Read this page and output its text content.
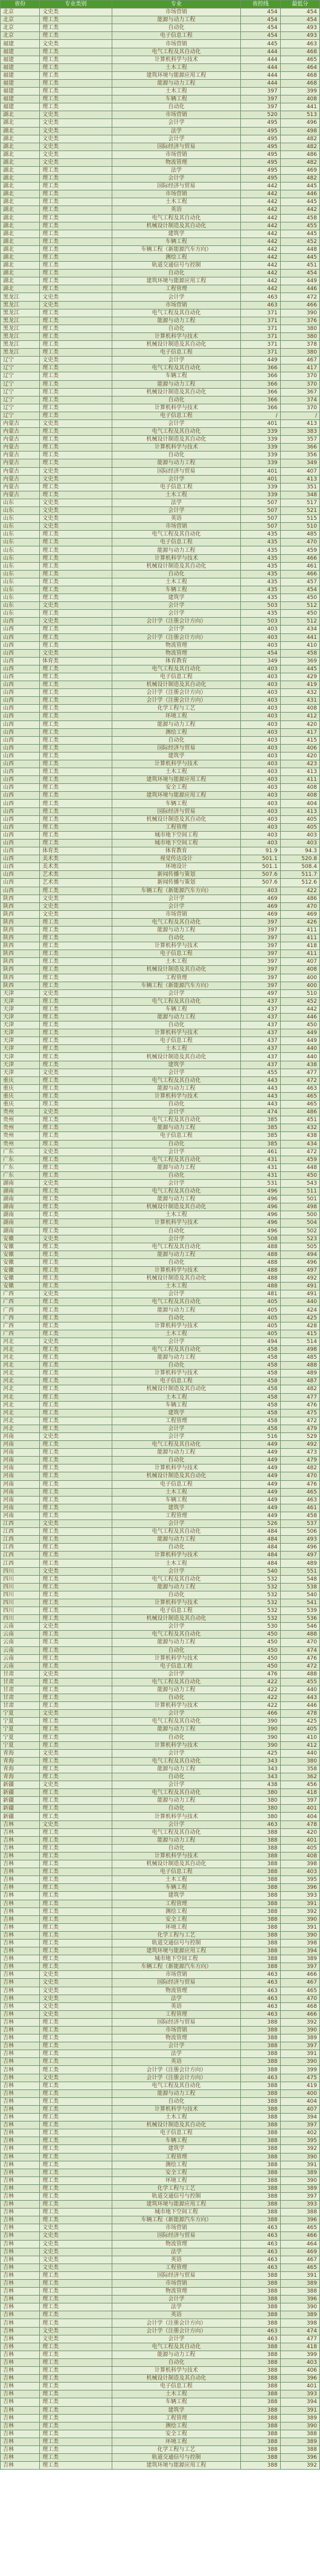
省份	专业类别	专业	省控线	最低分
北京	文史类	市场营销	454	454
北京	理工类	能源与动力工程	454	454
北京	理工类	自动化	454	493
北京	理工类	电子信息工程	454	493
福建	文史类	市场营销	445	463
福建	理工类	电气工程及其自动化	444	468
福建	理工类	计算机科学与技术	444	465
福建	理工类	土木工程	444	464
福建	理工类	建筑环境与能源应用工程	444	468
福建	理工类	能源与动力工程	444	468
福建	理工类	土木工程	397	399
福建	理工类	车辆工程	397	408
福建	理工类	自动化	397	441
湖北	文史类	市场营销	520	513
湖北	文史类	会计学	495	496
湖北	文史类	法学	495	498
湖北	文史类	会计学	495	482
湖北	文史类	国际经济与贸易	495	482
湖北	文史类	市场营销	495	486
湖北	文史类	物流管理	495	482
湖北	理工类	法学	495	469
湖北	理工类	会计学	495	482
湖北	理工类	国际经济与贸易	442	445
湖北	理工类	市场营销	442	446
湖北	理工类	土木工程	442	445
湖北	理工类	英语	442	442
湖北	理工类	电气工程及其自动化	442	458
湖北	理工类	机械设计制造及其自动化	442	455
湖北	理工类	建筑学	442	445
湖北	理工类	车辆工程	442	452
湖北	理工类	车辆工程（新能源汽车方向）	442	448
湖北	理工类	测绘工程	442	445
湖北	理工类	轨道交通信号与控制	442	451
湖北	理工类	自动化	442	454
湖北	理工类	建筑环境与能源应用工程	442	449
湖北	理工类	工程管理	442	446
黑龙江	文史类	会计学	463	472
黑龙江	文史类	市场营销	463	466
黑龙江	理工类	电气工程及其自动化	371	390
黑龙江	理工类	能源与动力工程	371	376
黑龙江	理工类	自动化	371	380
黑龙江	理工类	计算机科学与技术	371	380
黑龙江	理工类	机械设计制造及其自动化	371	378
黑龙江	理工类	电子信息工程	371	380
辽宁	文史类	会计学	449	467
辽宁	理工类	电气工程及其自动化	366	417
辽宁	理工类	车辆工程	366	370
辽宁	理工类	能源与动力工程	366	370
辽宁	理工类	机械设计制造及其自动化	366	367
辽宁	理工类	自动化	366	374
辽宁	理工类	计算机科学与技术	366	370
辽宁	理工类	电子信息工程	/	/
内蒙古	文史类	会计学	401	413
内蒙古	理工类	电气工程及其自动化	339	383
内蒙古	理工类	机械设计制造及其自动化	339	357
内蒙古	理工类	计算机科学与技术	339	366
内蒙古	理工类	自动化	339	356
内蒙古	理工类	能源与动力工程	339	349
内蒙古	文史类	国际经济与贸易	401	407
内蒙古	文史类	会计学	401	413
内蒙古	理工类	电子信息工程	339	351
内蒙古	理工类	土木工程	339	348
山东	文史类	法学	507	517
山东	文史类	会计学	507	521
山东	文史类	英语	507	515
山东	文史类	市场营销	507	510
山东	理工类	电气工程及其自动化	435	485
山东	理工类	电子信息工程	435	470
山东	理工类	能源与动力工程	435	459
山东	理工类	计算机科学与技术	435	466
山东	理工类	机械设计制造及其自动化	435	461
山东	理工类	自动化	435	466
山东	理工类	土木工程	435	457
山东	理工类	车辆工程	435	454
山东	理工类	建筑学	435	450
山东	文史类	会计学	503	512
山东	理工类	会计学	435	450
山西	文史类	会计学（注册会计方向）	503	512
山西	理工类	会计学	403	434
山西	理工类	会计学（注册会计方向）	403	441
山西	理工类	物流管理	403	410
山西	文史类	物流管理	454	458
山西	体育类	体育教育	349	369
山西	理工类	电气工程及其自动化	403	445
山西	理工类	电子信息工程	403	429
山西	理工类	机械设计制造及其自动化	403	419
山西	理工类	会计学（注册会计方向）	403	432
山西	理工类	会计学（注册会计方向）	403	431
山西	理工类	化学工程与工艺	403	408
山西	理工类	环境工程	403	412
山西	理工类	能源与动力工程	403	420
山西	理工类	测绘工程	403	417
山西	理工类	自动化	403	415
山西	理工类	国际经济与贸易	403	406
山西	理工类	建筑学	403	420
山西	理工类	计算机科学与技术	403	423
山西	理工类	土木工程	403	413
山西	理工类	建筑环境与能源应用工程	403	411
山西	理工类	安全工程	403	408
山西	理工类	建筑环境与能源应用工程	403	408
山西	理工类	车辆工程	403	404
山西	理工类	国际经济与贸易	403	413
山西	理工类	机械设计制造及其自动化	403	405
山西	理工类	工程管理	403	405
山西	理工类	城市地下空间工程	403	403
山西	理工类	城市地下空间工程	403	403
山西	体育类	体育教育	91.9	94.3
山西	美术类	视觉传达设计	501.1	520.8
山西	美术类	环境设计	501.1	508.4
山西	艺术类	新闻传播与策划	507.6	511.7
山西	艺术类	新闻传播与策划	507.6	512.6
山西	理工类	车辆工程（新能源汽车方向）	403	422
陕西	文史类	会计学	469	486
陕西	文史类	会计学	469	470
陕西	文史类	市场营销	469	469
陕西	理工类	电气工程及其自动化	397	426
陕西	理工类	能源与动力工程	397	411
陕西	理工类	自动化	397	411
陕西	理工类	计算机科学与技术	397	418
陕西	理工类	电子信息工程	397	411
陕西	理工类	土木工程	397	407
陕西	理工类	机械设计制造及其自动化	397	408
陕西	理工类	工程管理	397	400
陕西	理工类	车辆工程（新能源汽车方向）	397	400
天津	文史类	会计学	497	510
天津	理工类	电气工程及其自动化	437	452
天津	理工类	车辆工程	437	442
天津	理工类	能源与动力工程	437	446
天津	理工类	自动化	437	450
天津	理工类	计算机科学与技术	437	449
天津	理工类	电子信息工程	437	449
天津	理工类	土木工程	437	440
天津	理工类	机械设计制造及其自动化	437	440
天津	理工类	建筑学	437	438
天津	文史类	会计学	455	477
重庆	理工类	电气工程及其自动化	443	472
重庆	理工类	能源与动力工程	443	463
重庆	理工类	计算机科学与技术	443	465
重庆	理工类	自动化	443	465
贵州	文史类	会计学	474	486
贵州	理工类	电气工程及其自动化	385	451
贵州	理工类	能源与动力工程	385	432
贵州	理工类	电子信息工程	385	438
贵州	理工类	自动化	385	434
广东	文史类	会计学	461	472
广东	理工类	电气工程及其自动化	431	459
广东	理工类	能源与动力工程	431	448
广东	理工类	自动化	431	450
湖南	文史类	会计学	531	543
湖南	理工类	电气工程及其自动化	496	511
湖南	理工类	能源与动力工程	496	501
湖南	理工类	机械设计制造及其自动化	496	498
湖南	理工类	土木工程	496	500
湖南	理工类	计算机科学与技术	496	504
湖南	理工类	自动化	496	502
安徽	文史类	会计学	508	523
安徽	理工类	电气工程及其自动化	488	505
安徽	理工类	能源与动力工程	488	494
安徽	理工类	自动化	488	496
安徽	理工类	计算机科学与技术	488	497
安徽	理工类	机械设计制造及其自动化	488	492
安徽	理工类	土木工程	488	491
广西	文史类	会计学	481	491
广西	理工类	电气工程及其自动化	405	440
广西	理工类	能源与动力工程	405	424
广西	理工类	自动化	405	425
广西	理工类	计算机科学与技术	405	428
广西	理工类	土木工程	405	415
河北	文史类	会计学	494	514
河北	理工类	电气工程及其自动化	458	498
河北	理工类	能源与动力工程	458	485
河北	理工类	自动化	458	488
河北	理工类	计算机科学与技术	458	489
河北	理工类	电子信息工程	458	487
河北	理工类	机械设计制造及其自动化	458	482
河北	理工类	土木工程	458	477
河北	理工类	车辆工程	458	476
河北	理工类	建筑学	458	475
河北	理工类	工程管理	458	472
河北	理工类	会计学	458	479
河南	文史类	会计学	516	529
河南	理工类	电气工程及其自动化	449	492
河南	理工类	能源与动力工程	449	473
河南	理工类	自动化	449	479
河南	理工类	计算机科学与技术	449	482
河南	理工类	机械设计制造及其自动化	449	470
河南	理工类	电子信息工程	449	476
河南	理工类	土木工程	449	465
河南	理工类	车辆工程	449	463
河南	理工类	建筑学	449	461
河南	理工类	工程管理	449	458
江西	文史类	会计学	526	537
江西	理工类	电气工程及其自动化	484	506
江西	理工类	能源与动力工程	484	493
江西	理工类	自动化	484	496
江西	理工类	计算机科学与技术	484	497
江西	理工类	土木工程	484	489
四川	文史类	会计学	540	551
四川	理工类	电气工程及其自动化	532	548
四川	理工类	能源与动力工程	532	538
四川	理工类	自动化	532	540
四川	理工类	计算机科学与技术	532	541
四川	理工类	电子信息工程	532	539
四川	理工类	机械设计制造及其自动化	532	536
云南	文史类	会计学	530	546
云南	理工类	电气工程及其自动化	450	488
云南	理工类	能源与动力工程	450	470
云南	理工类	自动化	450	474
云南	理工类	计算机科学与技术	450	476
云南	理工类	电子信息工程	450	472
甘肃	文史类	会计学	476	488
甘肃	理工类	电气工程及其自动化	422	455
甘肃	理工类	能源与动力工程	422	440
甘肃	理工类	自动化	422	443
甘肃	理工类	计算机科学与技术	422	446
宁夏	文史类	会计学	466	478
宁夏	理工类	电气工程及其自动化	390	425
宁夏	理工类	能源与动力工程	390	405
宁夏	理工类	自动化	390	410
宁夏	理工类	计算机科学与技术	390	412
青海	文史类	会计学	425	440
青海	理工类	电气工程及其自动化	343	380
青海	理工类	能源与动力工程	343	358
青海	理工类	自动化	343	362
新疆	文史类	会计学	438	456
新疆	理工类	电气工程及其自动化	380	418
新疆	理工类	能源与动力工程	380	397
新疆	理工类	自动化	380	401
新疆	理工类	计算机科学与技术	380	404
吉林	文史类	会计学	463	478
吉林	理工类	电气工程及其自动化	388	420
吉林	理工类	能源与动力工程	388	401
吉林	理工类	自动化	388	405
吉林	理工类	计算机科学与技术	388	408
吉林	理工类	机械设计制造及其自动化	388	398
吉林	理工类	电子信息工程	388	403
吉林	理工类	土木工程	388	395
吉林	理工类	车辆工程	388	396
吉林	理工类	建筑学	388	393
吉林	理工类	工程管理	388	391
吉林	理工类	测绘工程	388	392
吉林	理工类	安全工程	388	390
吉林	理工类	环境工程	388	391
吉林	理工类	化学工程与工艺	388	390
吉林	理工类	轨道交通信号与控制	388	398
吉林	理工类	建筑环境与能源应用工程	388	394
吉林	理工类	城市地下空间工程	388	389
吉林	理工类	车辆工程（新能源汽车方向）	388	397
吉林	文史类	市场营销	463	466
吉林	文史类	国际经济与贸易	463	467
吉林	文史类	物流管理	463	465
吉林	文史类	法学	463	470
吉林	文史类	英语	463	468
吉林	文史类	工程管理	463	466
吉林	理工类	国际经济与贸易	388	392
吉林	理工类	市场营销	388	390
吉林	理工类	物流管理	388	389
吉林	理工类	会计学	388	397
吉林	理工类	法学	388	391
吉林	理工类	英语	388	390
吉林	理工类	会计学（注册会计方向）	388	399
吉林	文史类	会计学（注册会计方向）	463	475
吉林	理工类	电气工程及其自动化	388	419
吉林	理工类	能源与动力工程	388	400
吉林	理工类	自动化	388	404
吉林	理工类	计算机科学与技术	388	407
吉林	理工类	土木工程	388	394
吉林	理工类	机械设计制造及其自动化	388	397
吉林	理工类	电子信息工程	388	402
吉林	理工类	车辆工程	388	395
吉林	理工类	建筑学	388	392
吉林	理工类	工程管理	388	390
吉林	理工类	测绘工程	388	391
吉林	理工类	安全工程	388	389
吉林	理工类	环境工程	388	390
吉林	理工类	化学工程与工艺	388	389
吉林	理工类	轨道交通信号与控制	388	397
吉林	理工类	建筑环境与能源应用工程	388	393
吉林	理工类	城市地下空间工程	388	388
吉林	理工类	车辆工程（新能源汽车方向）	388	396
吉林	文史类	市场营销	463	465
吉林	文史类	国际经济与贸易	463	466
吉林	文史类	物流管理	463	464
吉林	文史类	法学	463	469
吉林	文史类	英语	463	467
吉林	文史类	工程管理	463	465
吉林	理工类	国际经济与贸易	388	391
吉林	理工类	市场营销	388	389
吉林	理工类	物流管理	388	388
吉林	理工类	会计学	388	396
吉林	理工类	法学	388	390
吉林	理工类	英语	388	389
吉林	理工类	会计学（注册会计方向）	388	398
吉林	文史类	会计学（注册会计方向）	463	474
吉林	文史类	会计学	463	477
吉林	理工类	电气工程及其自动化	388	418
吉林	理工类	能源与动力工程	388	399
吉林	理工类	自动化	388	403
吉林	理工类	计算机科学与技术	388	406
吉林	理工类	机械设计制造及其自动化	388	396
吉林	理工类	电子信息工程	388	401
吉林	理工类	土木工程	388	393
吉林	理工类	车辆工程	388	394
吉林	理工类	建筑学	388	391
吉林	理工类	工程管理	388	389
吉林	理工类	测绘工程	388	390
吉林	理工类	安全工程	388	388
吉林	理工类	环境工程	388	389
吉林	理工类	化学工程与工艺	388	388
吉林	理工类	轨道交通信号与控制	388	396
吉林	理工类	建筑环境与能源应用工程	388	392
